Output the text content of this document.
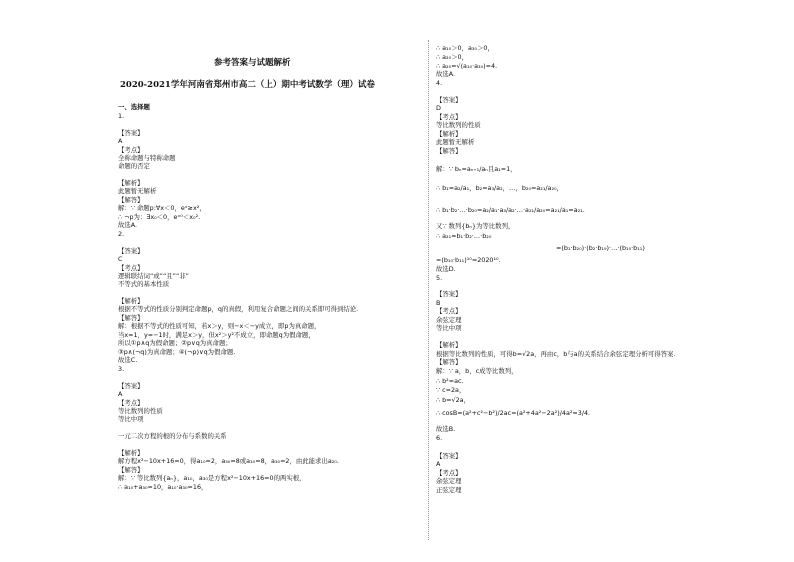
参考答案与试题解析
2020-2021学年河南省郑州市高二（上）期中考试数学（理）试卷
一、选择题
1.
【答案】
A
【考点】
全称命题与特称命题
命题的否定
【解析】
此题暂无解析
【解答】
解：∵ 命题p:∀x＜0，eˣ≥x²，
∴ ¬p为：∃x₀＜0，eˣ⁰＜x₀².
故选A.
2.
【答案】
C
【考点】
逻辑联结词“或”“且”“非”
不等式的基本性质
【解析】
根据不等式的性质分别判定命题p，q的真假，利用复合命题之间的关系即可得到结论.
【解答】
解：根据不等式的性质可知，若x＞y，则−x＜−y成立，即p为真命题，
当x=1，y=−1时，满足x＞y，但x²＞y²不成立，即命题q为假命题，
所以①p∧q为假命题；②p∨q为真命题；
③p∧(¬q)为真命题；④(¬p)∨q为假命题.
故选C.
3.
【答案】
A
【考点】
等比数列的性质
等比中项
一元二次方程的根的分布与系数的关系
【解析】
解方程x²−10x+16=0，得a₁₀=2，a₃₀=8或a₁₀=8，a₃₀=2，由此能求出a₂₀.
【解答】
解：∵ 等比数列{aₙ}，a₁₀，a₃₀是方程x²−10x+16=0的两实根，
∴ a₁₀+a₃₀=10，a₁₀·a₃₀=16，
∴ a₁₀＞0，a₃₀＞0，
∴ a₂₀＞0，
∴ a₂₀=√(a₁₀·a₃₀)=4.
故选A.
4.
【答案】
D
【考点】
等比数列的性质
【解析】
此题暂无解析
【解答】
解：∵ bₙ=aₙ₊₁/aₙ且a₁=1，
∴ b₁=a₂/a₁，b₂=a₃/a₂，…，b₂₀=a₂₁/a₂₀，
∴ b₁·b₂·…·b₂₀=a₂/a₁·a₃/a₂·…·a₂₁/a₂₀=a₂₁/a₁=a₂₁.
又∵ 数列{bₙ}为等比数列，
∴ a₂₁=b₁·b₂·…·b₂₀
=(b₁·b₂₀)·(b₂·b₁₉)·…·(b₁₀·b₁₁)
=(b₁₀·b₁₁)¹⁰=2020¹⁰.
故选D.
5.
【答案】
B
【考点】
余弦定理
等比中项
【解析】
根据等比数列的性质，可得b=√2a，再由c，b与a的关系结合余弦定理分析可得答案.
【解答】
解：∵ a，b，c成等比数列，
∴ b²=ac.
∵ c=2a，
∴ b=√2a，
∴ cosB=(a²+c²−b²)/2ac=(a²+4a²−2a²)/4a²=3/4.
故选B.
6.
【答案】
A
【考点】
余弦定理
正弦定理
